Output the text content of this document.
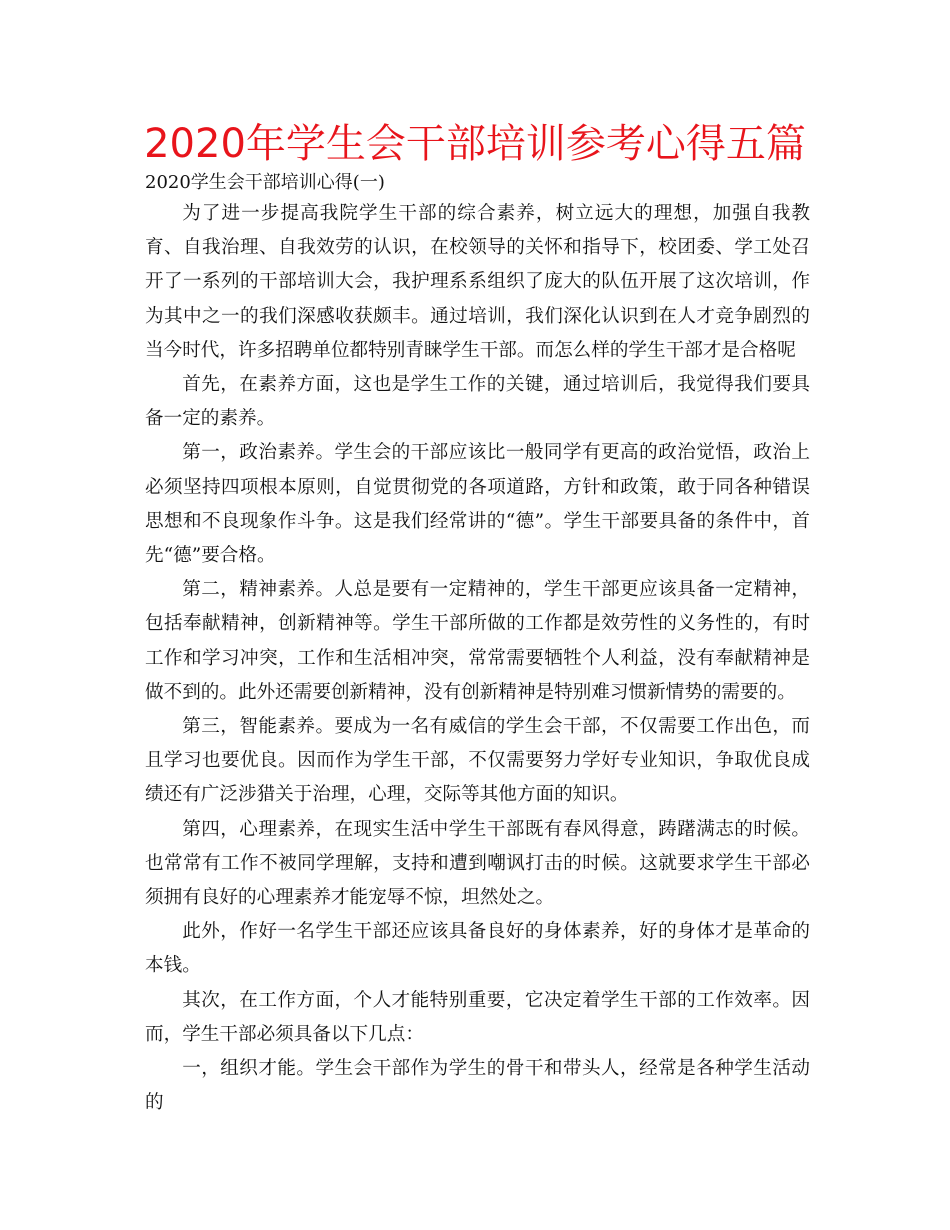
2020年学生会干部培训参考心得五篇
2020学生会干部培训心得(一)

为了进一步提高我院学生干部的综合素养，树立远大的理想，加强自我教育、自我治理、自我效劳的认识，在校领导的关怀和指导下，校团委、学工处召开了一系列的干部培训大会，我护理系系组织了庞大的队伍开展了这次培训，作为其中之一的我们深感收获颇丰。通过培训，我们深化认识到在人才竞争剧烈的当今时代，许多招聘单位都特别青睐学生干部。而怎么样的学生干部才是合格呢

首先，在素养方面，这也是学生工作的关键，通过培训后，我觉得我们要具备一定的素养。

第一，政治素养。学生会的干部应该比一般同学有更高的政治觉悟，政治上必须坚持四项根本原则，自觉贯彻党的各项道路，方针和政策，敢于同各种错误思想和不良现象作斗争。这是我们经常讲的“德”。学生干部要具备的条件中，首先“德”要合格。

第二，精神素养。人总是要有一定精神的，学生干部更应该具备一定精神，包括奉献精神，创新精神等。学生干部所做的工作都是效劳性的义务性的，有时工作和学习冲突，工作和生活相冲突，常常需要牺牲个人利益，没有奉献精神是做不到的。此外还需要创新精神，没有创新精神是特别难习惯新情势的需要的。

第三，智能素养。要成为一名有威信的学生会干部，不仅需要工作出色，而且学习也要优良。因而作为学生干部，不仅需要努力学好专业知识，争取优良成绩还有广泛涉猎关于治理，心理，交际等其他方面的知识。

第四，心理素养，在现实生活中学生干部既有春风得意，踌躇满志的时候。也常常有工作不被同学理解，支持和遭到嘲讽打击的时候。这就要求学生干部必须拥有良好的心理素养才能宠辱不惊，坦然处之。

此外，作好一名学生干部还应该具备良好的身体素养，好的身体才是革命的本钱。

其次，在工作方面，个人才能特别重要，它决定着学生干部的工作效率。因而，学生干部必须具备以下几点：

一，组织才能。学生会干部作为学生的骨干和带头人，经常是各种学生活动的
